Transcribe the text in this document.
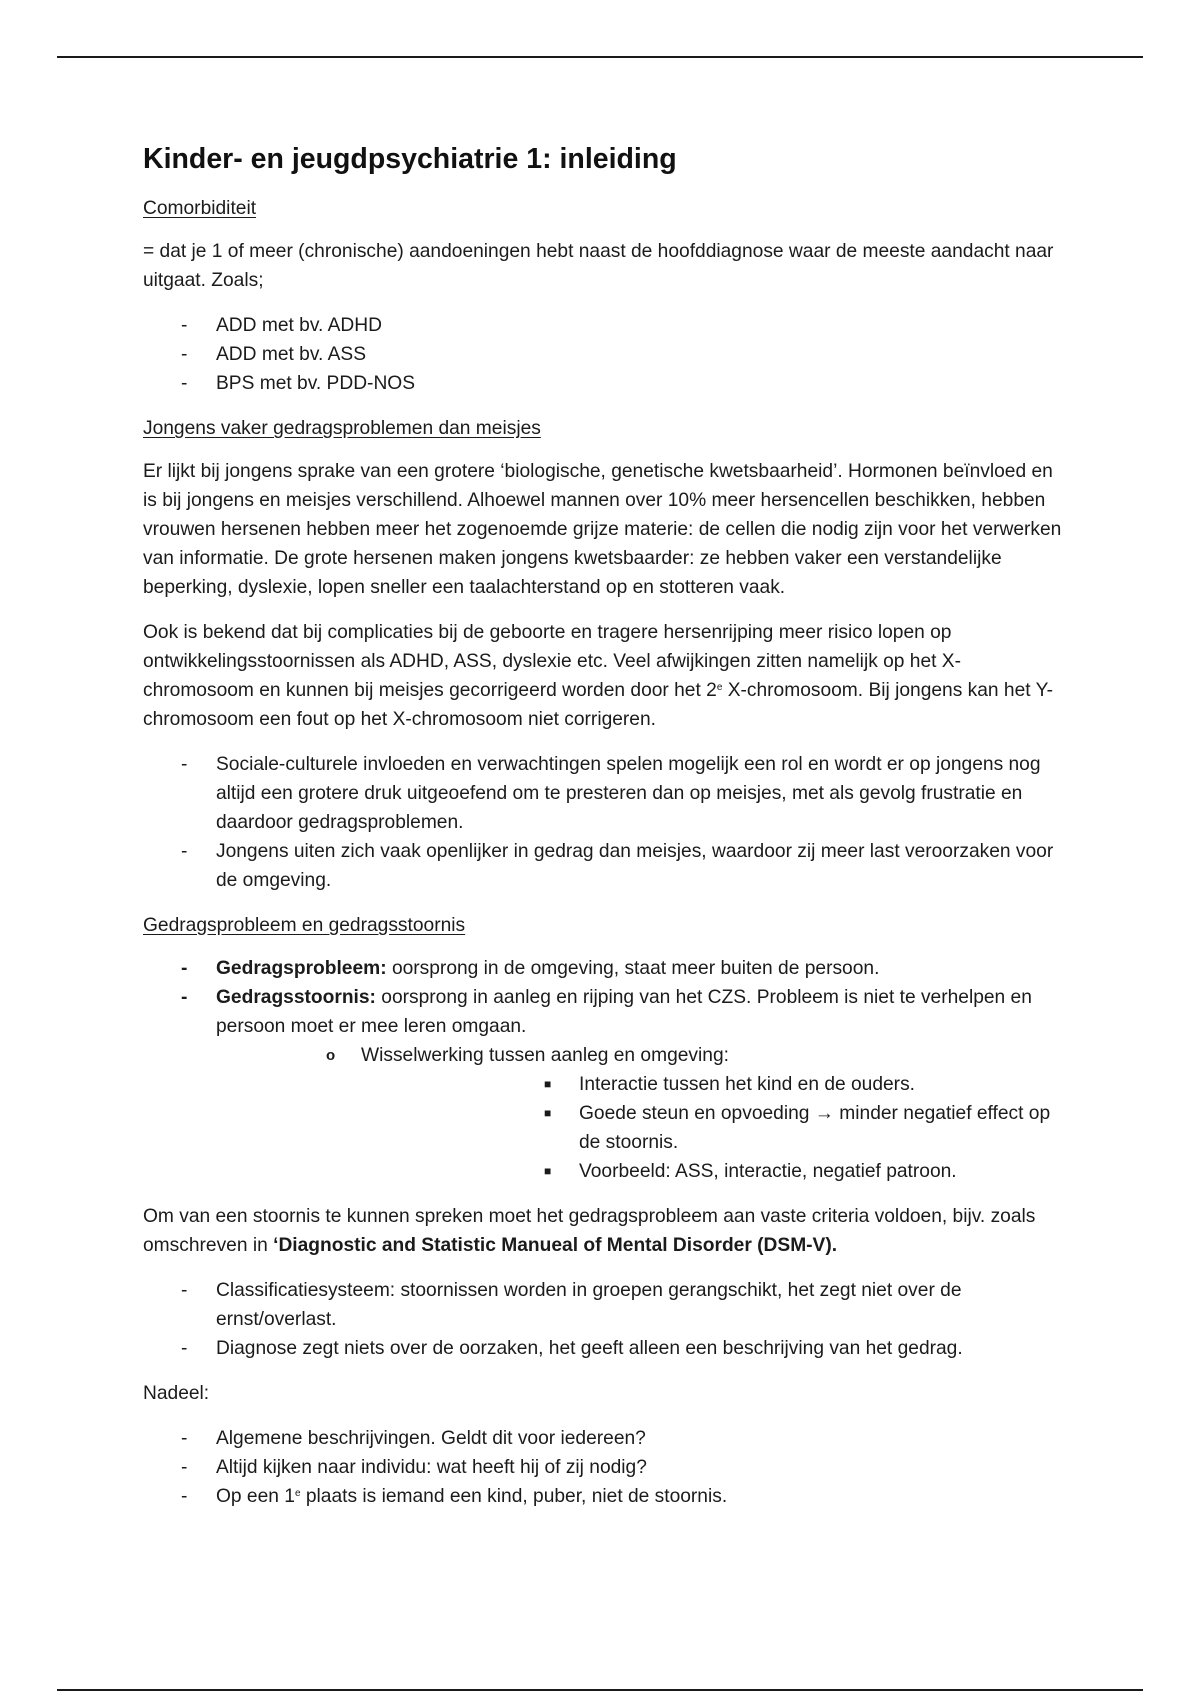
Kinder- en jeugdpsychiatrie 1: inleiding
Comorbiditeit

= dat je 1 of meer (chronische) aandoeningen hebt naast de hoofddiagnose waar de meeste aandacht naar uitgaat. Zoals;

- ADD met bv. ADHD
- ADD met bv. ASS
- BPS met bv. PDD-NOS
Jongens vaker gedragsproblemen dan meisjes

Er lijkt bij jongens sprake van een grotere ‘biologische, genetische kwetsbaarheid’. Hormonen beïnvloed en is bij jongens en meisjes verschillend. Alhoewel mannen over 10% meer hersencellen beschikken, hebben vrouwen hersenen hebben meer het zogenoemde grijze materie: de cellen die nodig zijn voor het verwerken van informatie. De grote hersenen maken jongens kwetsbaarder: ze hebben vaker een verstandelijke beperking, dyslexie, lopen sneller een taalachterstand op en stotteren vaak.

Ook is bekend dat bij complicaties bij de geboorte en tragere hersenrijping meer risico lopen op ontwikkelingsstoornissen als ADHD, ASS, dyslexie etc. Veel afwijkingen zitten namelijk op het X-chromosoom en kunnen bij meisjes gecorrigeerd worden door het 2e X-chromosoom. Bij jongens kan het Y-chromosoom een fout op het X-chromosoom niet corrigeren.

- Sociale-culturele invloeden en verwachtingen spelen mogelijk een rol en wordt er op jongens nog altijd een grotere druk uitgeoefend om te presteren dan op meisjes, met als gevolg frustratie en daardoor gedragsproblemen.
- Jongens uiten zich vaak openlijker in gedrag dan meisjes, waardoor zij meer last veroorzaken voor de omgeving.
Gedragsprobleem en gedragsstoornis
- Gedragsprobleem: oorsprong in de omgeving, staat meer buiten de persoon.
- Gedragsstoornis: oorsprong in aanleg en rijping van het CZS. Probleem is niet te verhelpen en persoon moet er mee leren omgaan.
o Wisselwerking tussen aanleg en omgeving:
■ Interactie tussen het kind en de ouders.
■ Goede steun en opvoeding → minder negatief effect op de stoornis.
■ Voorbeeld: ASS, interactie, negatief patroon.

Om van een stoornis te kunnen spreken moet het gedragsprobleem aan vaste criteria voldoen, bijv. zoals omschreven in ‘Diagnostic and Statistic Manueal of Mental Disorder (DSM-V).

- Classificatiesysteem: stoornissen worden in groepen gerangschikt, het zegt niet over de ernst/overlast.
- Diagnose zegt niets over de oorzaken, het geeft alleen een beschrijving van het gedrag.

Nadeel:

- Algemene beschrijvingen. Geldt dit voor iedereen?
- Altijd kijken naar individu: wat heeft hij of zij nodig?
- Op een 1e plaats is iemand een kind, puber, niet de stoornis.
